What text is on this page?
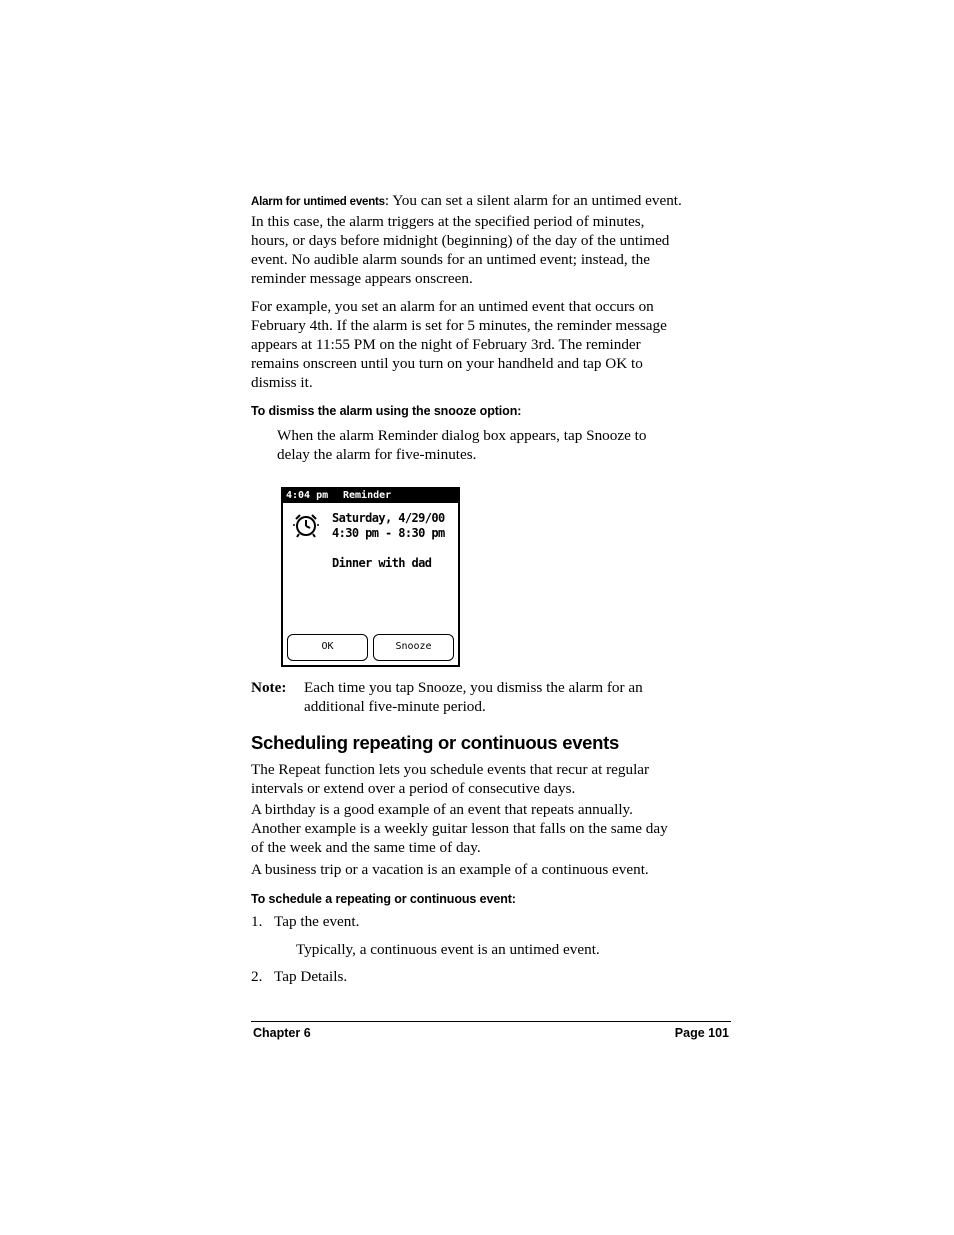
Alarm for untimed events: You can set a silent alarm for an untimed event.
In this case, the alarm triggers at the specified period of minutes,
hours, or days before midnight (beginning) of the day of the untimed
event. No audible alarm sounds for an untimed event; instead, the
reminder message appears onscreen.
For example, you set an alarm for an untimed event that occurs on
February 4th. If the alarm is set for 5 minutes, the reminder message
appears at 11:55 PM on the night of February 3rd. The reminder
remains onscreen until you turn on your handheld and tap OK to
dismiss it.
To dismiss the alarm using the snooze option:
When the alarm Reminder dialog box appears, tap Snooze to
delay the alarm for five-minutes.
4:04 pm Reminder
Saturday, 4/29/00
4:30 pm - 8:30 pm
Dinner with dad
OK	Snooze
Note: Each time you tap Snooze, you dismiss the alarm for an
additional five-minute period.
Scheduling repeating or continuous events
The Repeat function lets you schedule events that recur at regular
intervals or extend over a period of consecutive days.
A birthday is a good example of an event that repeats annually.
Another example is a weekly guitar lesson that falls on the same day
of the week and the same time of day.
A business trip or a vacation is an example of a continuous event.
To schedule a repeating or continuous event:
1. Tap the event.
Typically, a continuous event is an untimed event.
2. Tap Details.
Chapter 6	Page 101
